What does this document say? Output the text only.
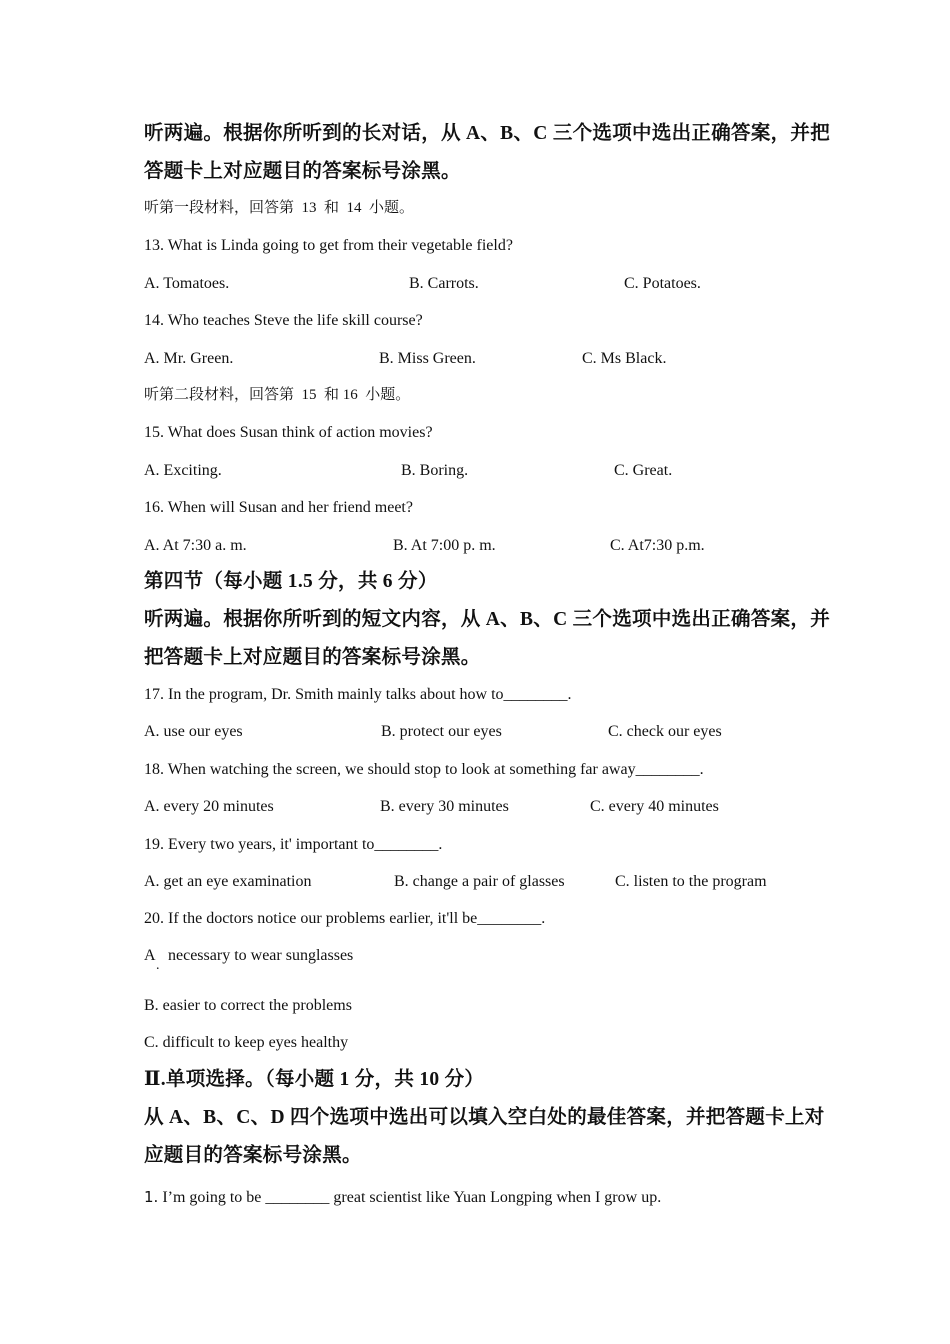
听两遍。根据你所听到的长对话，从 A、B、C 三个选项中选出正确答案，并把
答题卡上对应题目的答案标号涂黑。
听第一段材料，回答第  13  和  14  小题。
13. What is Linda going to get from their vegetable field?
A. Tomatoes.	B. Carrots.	C. Potatoes.
14. Who teaches Steve the life skill course?
A. Mr. Green.	B. Miss Green.	C. Ms Black.
听第二段材料，回答第  15  和 16  小题。
15. What does Susan think of action movies?
A. Exciting.	B. Boring.	C. Great.
16. When will Susan and her friend meet?
A. At 7:30 a. m.	B. At 7:00 p. m.	C. At7:30 p.m.
第四节（每小题 1.5 分，共 6 分）
听两遍。根据你所听到的短文内容，从 A、B、C 三个选项中选出正确答案，并
把答题卡上对应题目的答案标号涂黑。
17. In the program, Dr. Smith mainly talks about how to________.
A. use our eyes	B. protect our eyes	C. check our eyes
18. When watching the screen, we should stop to look at something far away________.
A. every 20 minutes	B. every 30 minutes	C. every 40 minutes
19. Every two years, it' important to________.
A. get an eye examination	B. change a pair of glasses	C. listen to the program
20. If the doctors notice our problems earlier, it'll be________.
A
.
necessary to wear sunglasses
B. easier to correct the problems
C. difficult to keep eyes healthy
Ⅱ.单项选择。（每小题 1 分，共 10 分）
从 A、B、C、D 四个选项中选出可以填入空白处的最佳答案，并把答题卡上对
应题目的答案标号涂黑。
1. I’m going to be ________ great scientist like Yuan Longping when I grow up.
